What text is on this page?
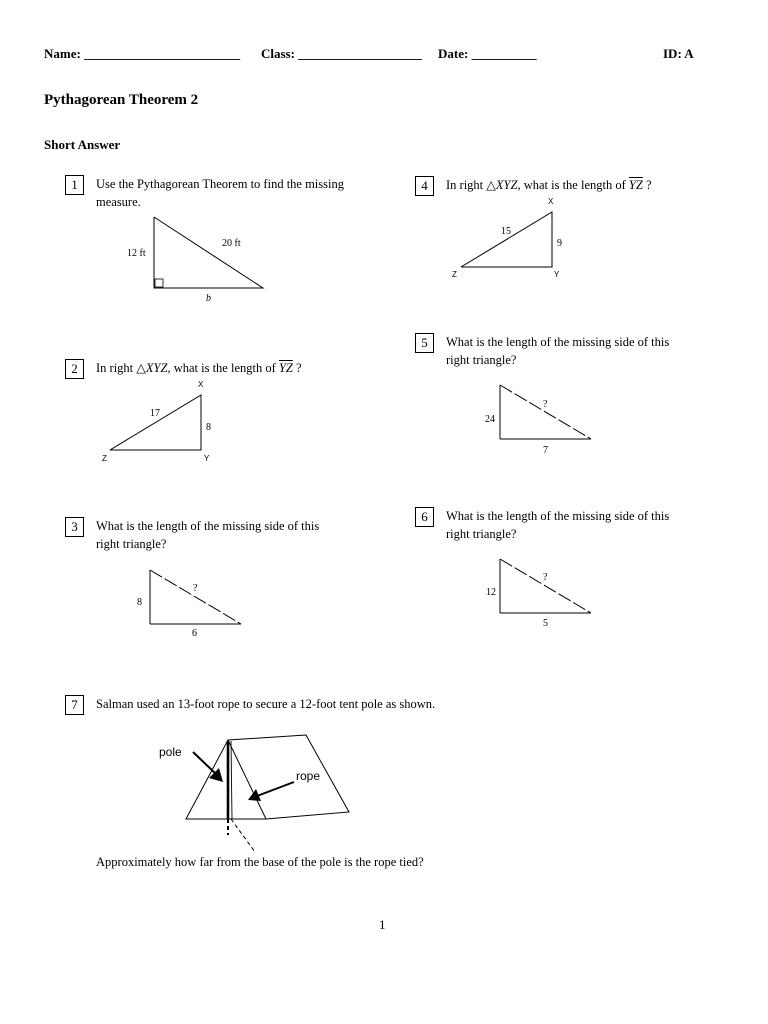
Name: ________________________ Class: ___________________ Date: __________	ID: A
Pythagorean Theorem 2
Short Answer
1	Use the Pythagorean Theorem to find the missing
measure.
12 ft
20 ft
b
2	In right △XYZ, what is the length of $\overline{YZ}$ ?
X
Z	Y
17
8
3	What is the length of the missing side of this
right triangle?
8
6
?
4	In right △XYZ, what is the length of $\overline{YZ}$ ?
X
Z	Y
15
9
5	What is the length of the missing side of this
right triangle?
24
7
?
6	What is the length of the missing side of this
right triangle?
12
5
?
7	Salman used an 13-foot rope to secure a 12-foot tent pole as shown.
pole
rope
Approximately how far from the base of the pole is the rope tied?
1
